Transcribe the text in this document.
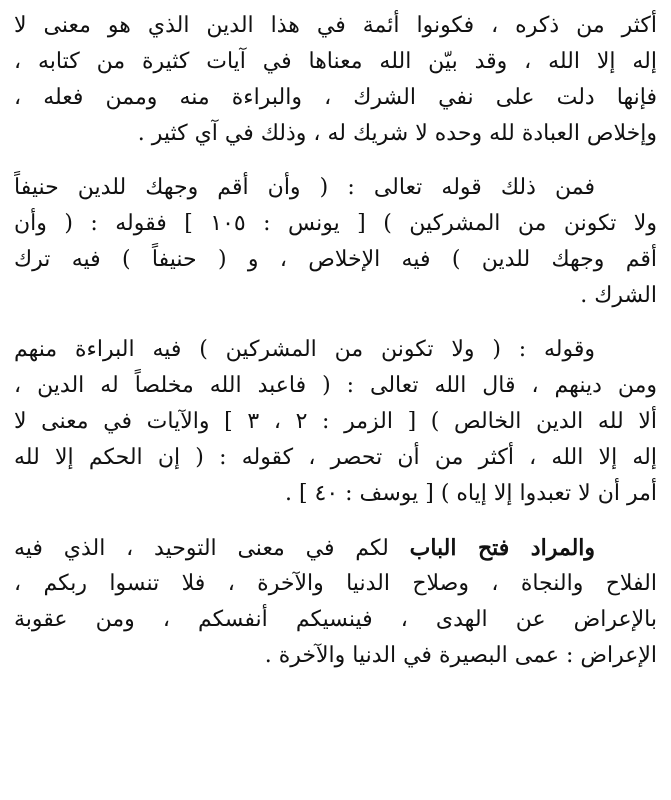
أكثر من ذكره ، فكونوا أئمة في هذا الدين الذي هو معنى لا
إله إلا الله ، وقد بيّن الله معناها في آيات كثيرة من كتابه ،
فإنها دلت على نفي الشرك ، والبراءة منه وممن فعله ،
وإخلاص العبادة لله وحده لا شريك له ، وذلك في آي كثير .
فمن ذلك قوله تعالى : ( وأن أقم وجهك للدين حنيفاً
ولا تكونن من المشركين ) [ يونس : ١٠٥ ] فقوله : ( وأن
أقم وجهك للدين ) فيه الإخلاص ، و ( حنيفاً ) فيه ترك
الشرك .
وقوله : ( ولا تكونن من المشركين ) فيه البراءة منهم
ومن دينهم ، قال الله تعالى : ( فاعبد الله مخلصاً له الدين ،
ألا لله الدين الخالص ) [ الزمر : ٢ ، ٣ ] والآيات في معنى لا
إله إلا الله ، أكثر من أن تحصر ، كقوله : ( إن الحكم إلا لله
أمر أن لا تعبدوا إلا إياه ) [ يوسف : ٤٠ ] .
والمراد فتح الباب لكم في معنى التوحيد ، الذي فيه
الفلاح والنجاة ، وصلاح الدنيا والآخرة ، فلا تنسوا ربكم ،
بالإعراض عن الهدى ، فينسيكم أنفسكم ، ومن عقوبة
الإعراض : عمى البصيرة في الدنيا والآخرة .
